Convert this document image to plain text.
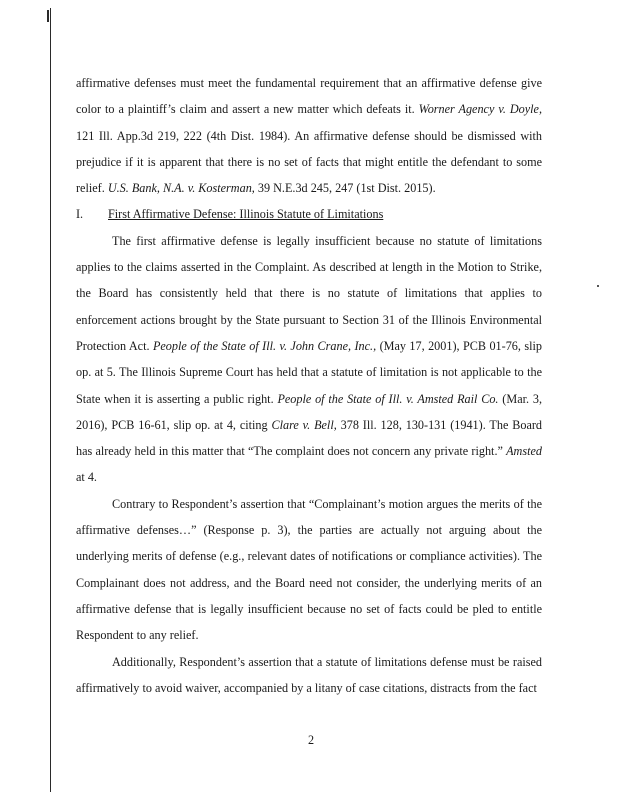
affirmative defenses must meet the fundamental requirement that an affirmative defense give color to a plaintiff’s claim and assert a new matter which defeats it. Worner Agency v. Doyle, 121 Ill. App.3d 219, 222 (4th Dist. 1984). An affirmative defense should be dismissed with prejudice if it is apparent that there is no set of facts that might entitle the defendant to some relief. U.S. Bank, N.A. v. Kosterman, 39 N.E.3d 245, 247 (1st Dist. 2015).

I. First Affirmative Defense: Illinois Statute of Limitations

The first affirmative defense is legally insufficient because no statute of limitations applies to the claims asserted in the Complaint. As described at length in the Motion to Strike, the Board has consistently held that there is no statute of limitations that applies to enforcement actions brought by the State pursuant to Section 31 of the Illinois Environmental Protection Act. People of the State of Ill. v. John Crane, Inc., (May 17, 2001), PCB 01-76, slip op. at 5. The Illinois Supreme Court has held that a statute of limitation is not applicable to the State when it is asserting a public right. People of the State of Ill. v. Amsted Rail Co. (Mar. 3, 2016), PCB 16-61, slip op. at 4, citing Clare v. Bell, 378 Ill. 128, 130-131 (1941). The Board has already held in this matter that “The complaint does not concern any private right.” Amsted at 4.

Contrary to Respondent’s assertion that “Complainant’s motion argues the merits of the affirmative defenses…” (Response p. 3), the parties are actually not arguing about the underlying merits of defense (e.g., relevant dates of notifications or compliance activities). The Complainant does not address, and the Board need not consider, the underlying merits of an affirmative defense that is legally insufficient because no set of facts could be pled to entitle Respondent to any relief.

Additionally, Respondent’s assertion that a statute of limitations defense must be raised affirmatively to avoid waiver, accompanied by a litany of case citations, distracts from the fact

2
